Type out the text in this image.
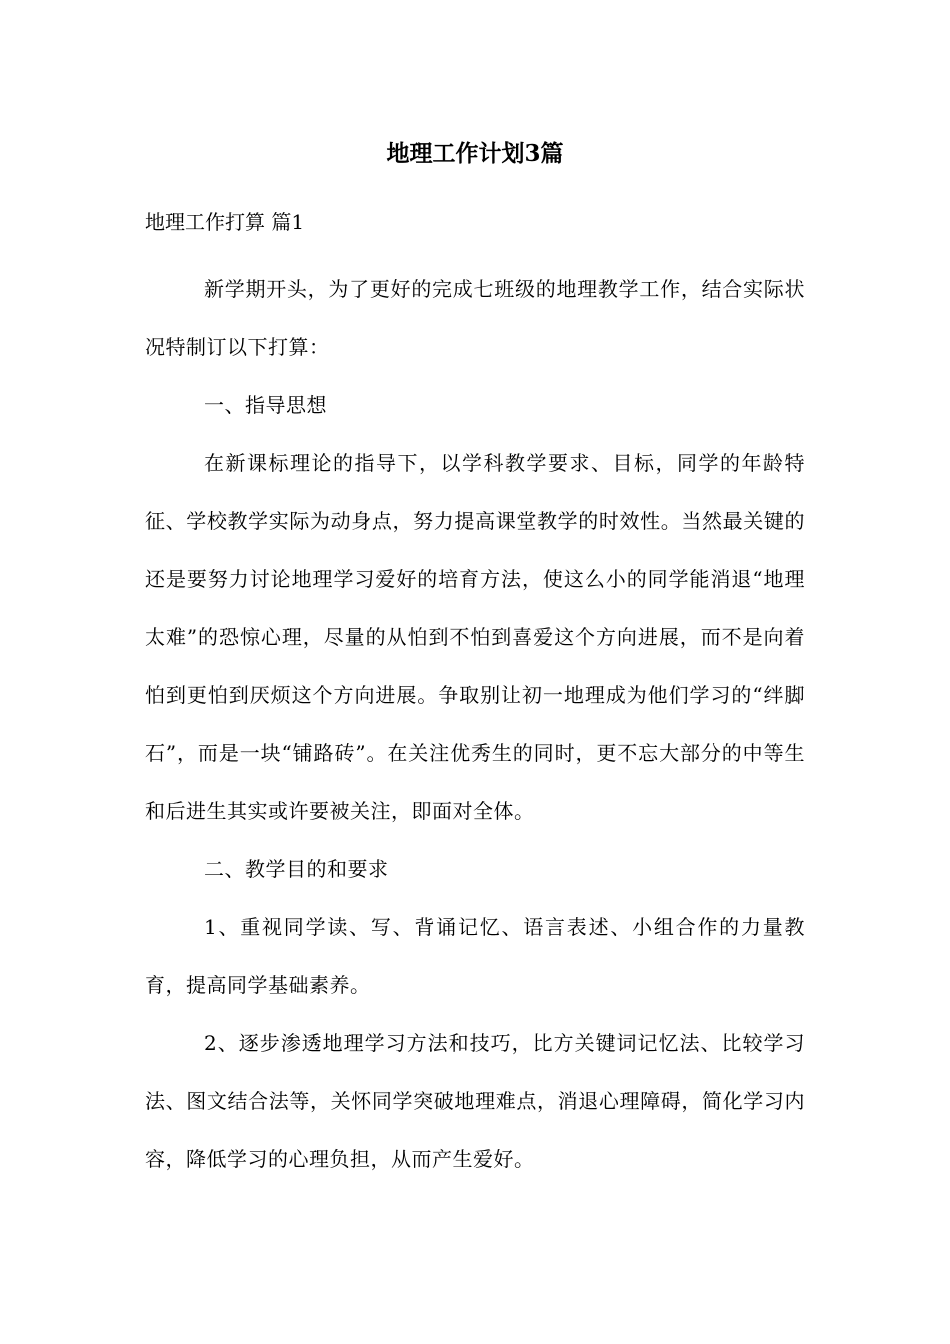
地理工作计划3篇
地理工作打算 篇1

新学期开头，为了更好的完成七班级的地理教学工作，结合实际状况特制订以下打算：

一、指导思想

在新课标理论的指导下，以学科教学要求、目标，同学的年龄特征、学校教学实际为动身点，努力提高课堂教学的时效性。当然最关键的还是要努力讨论地理学习爱好的培育方法，使这么小的同学能消退“地理太难”的恐惊心理，尽量的从怕到不怕到喜爱这个方向进展，而不是向着怕到更怕到厌烦这个方向进展。争取别让初一地理成为他们学习的“绊脚石”，而是一块“铺路砖”。在关注优秀生的同时，更不忘大部分的中等生和后进生其实或许要被关注，即面对全体。

二、教学目的和要求

1、重视同学读、写、背诵记忆、语言表述、小组合作的力量教育，提高同学基础素养。

2、逐步渗透地理学习方法和技巧，比方关键词记忆法、比较学习法、图文结合法等，关怀同学突破地理难点，消退心理障碍，简化学习内容，降低学习的心理负担，从而产生爱好。
